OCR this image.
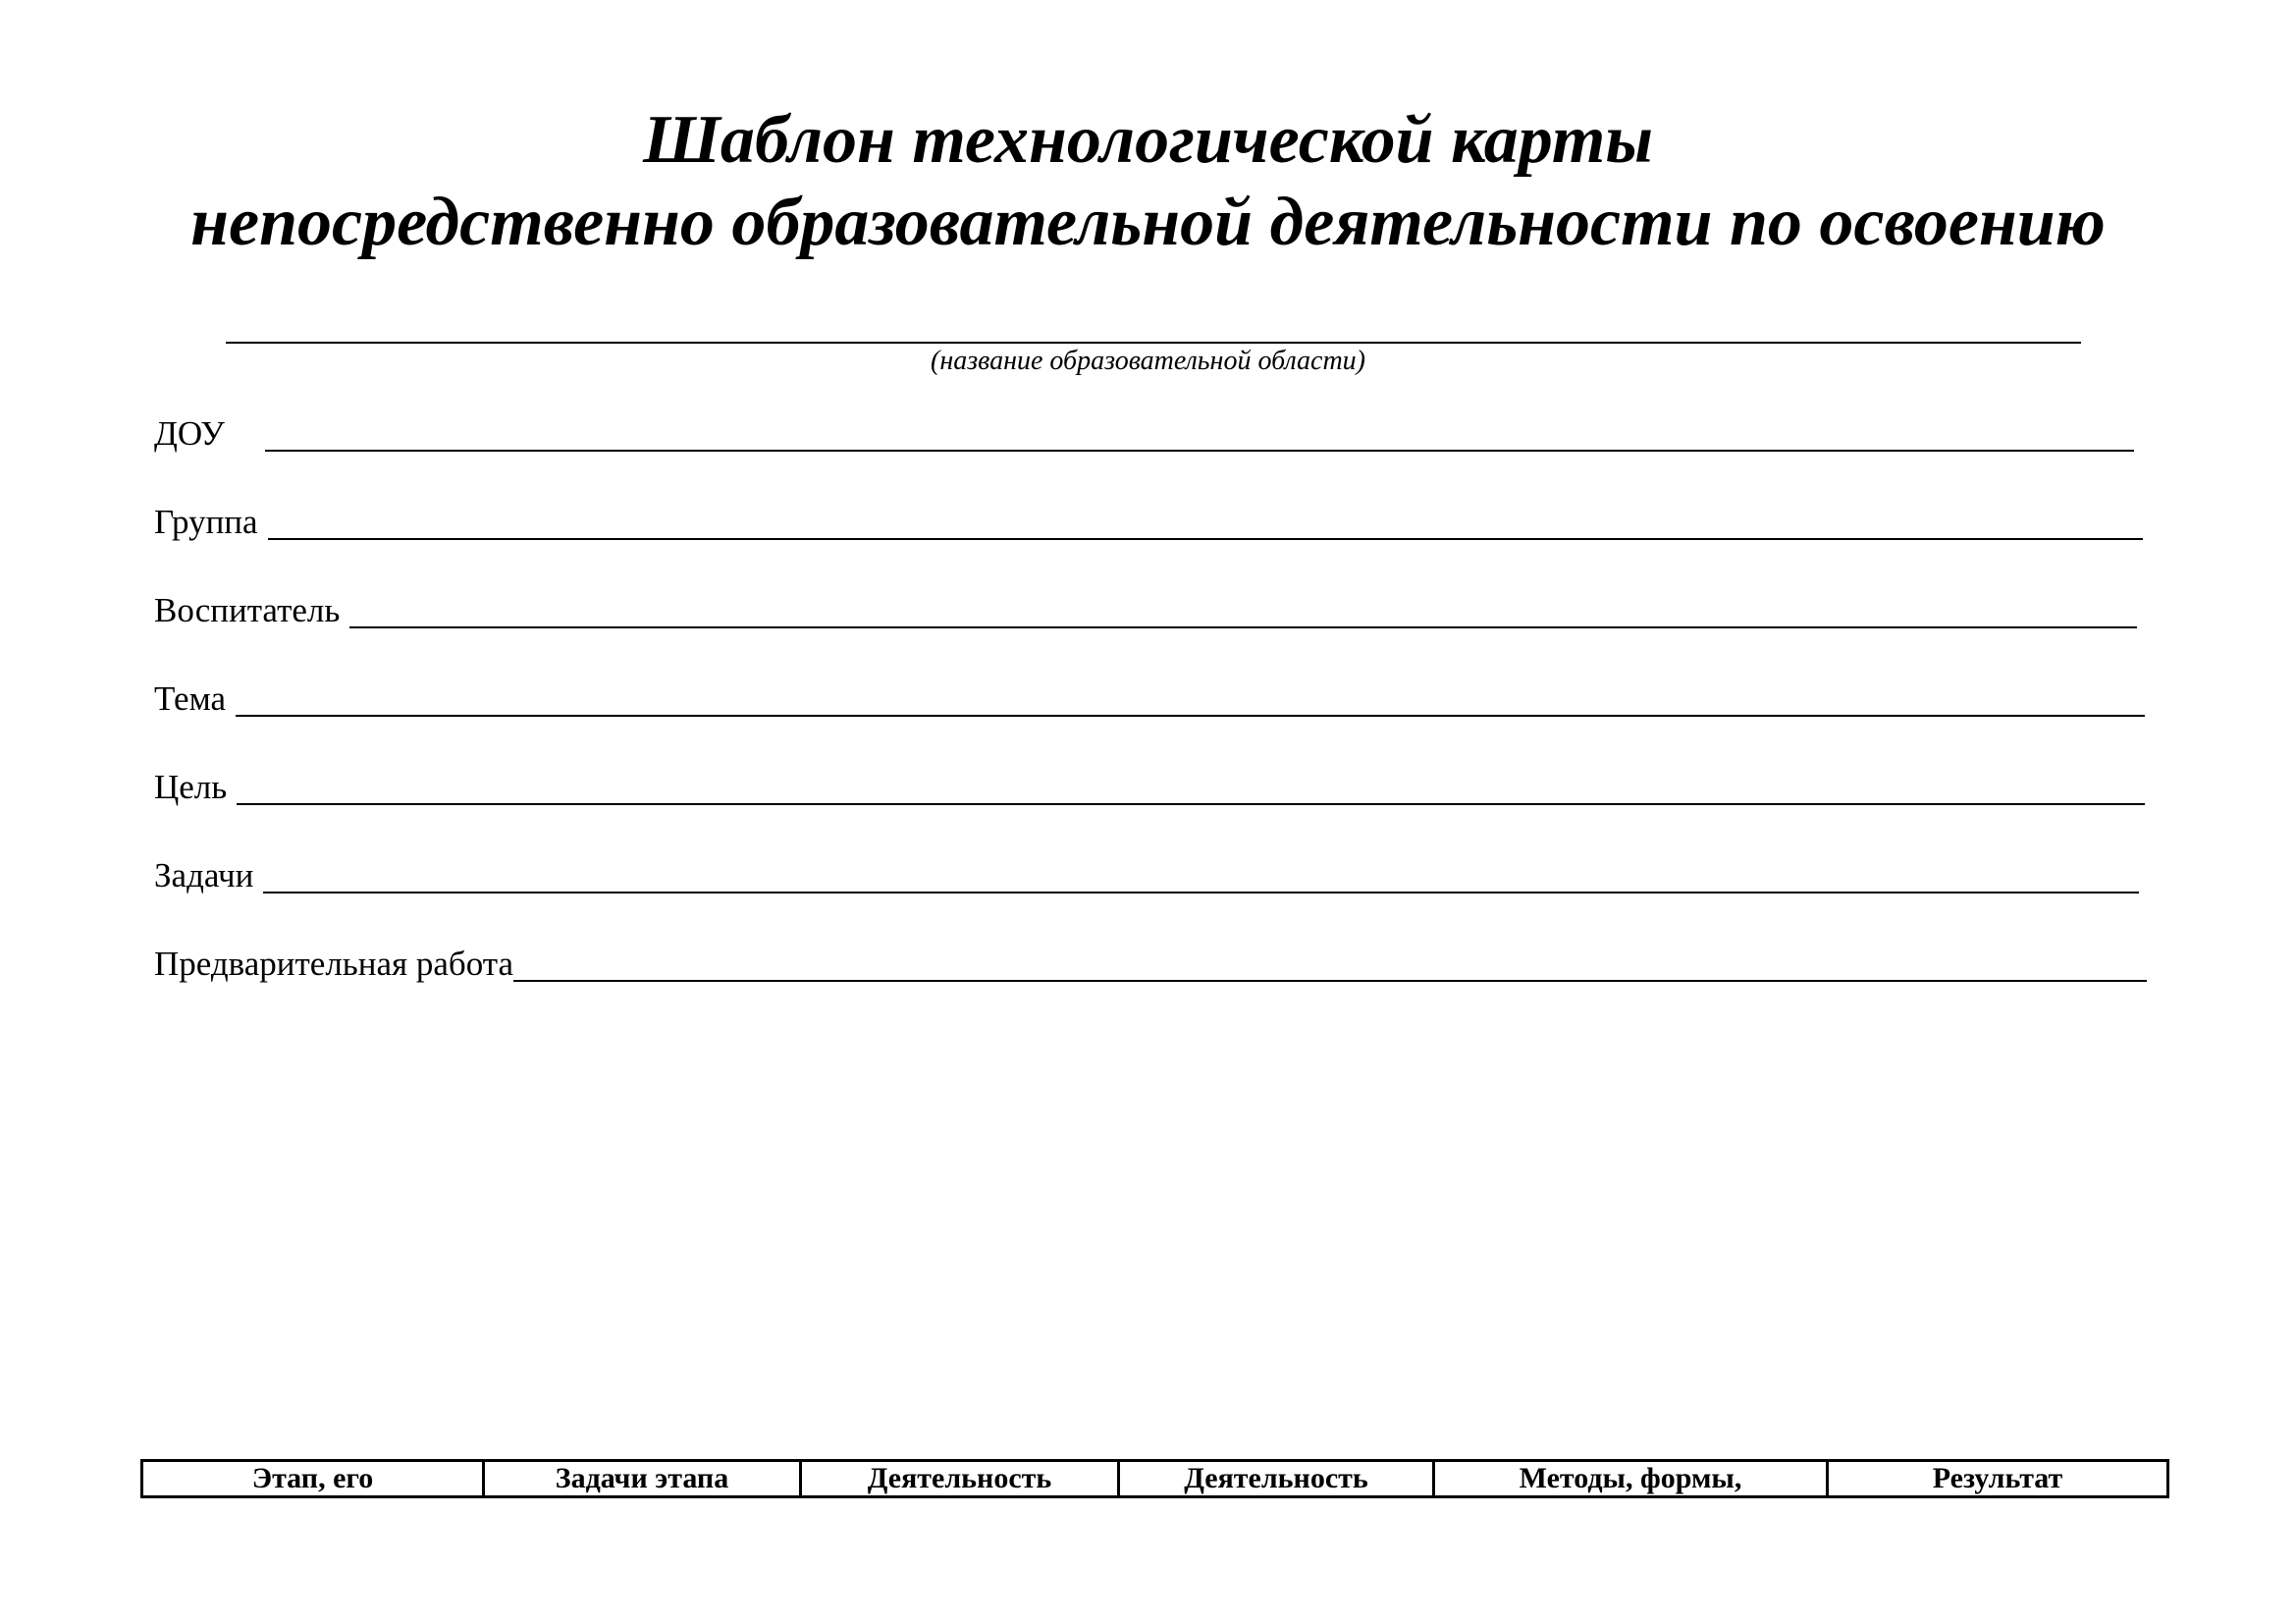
Шаблон технологической карты
непосредственно образовательной деятельности по освоению
(название образовательной области)
ДОУ
Группа
Воспитатель
Тема
Цель
Задачи
Предварительная работа
Этап, его	Задачи этапа	Деятельность	Деятельность	Методы, формы,	Результат
